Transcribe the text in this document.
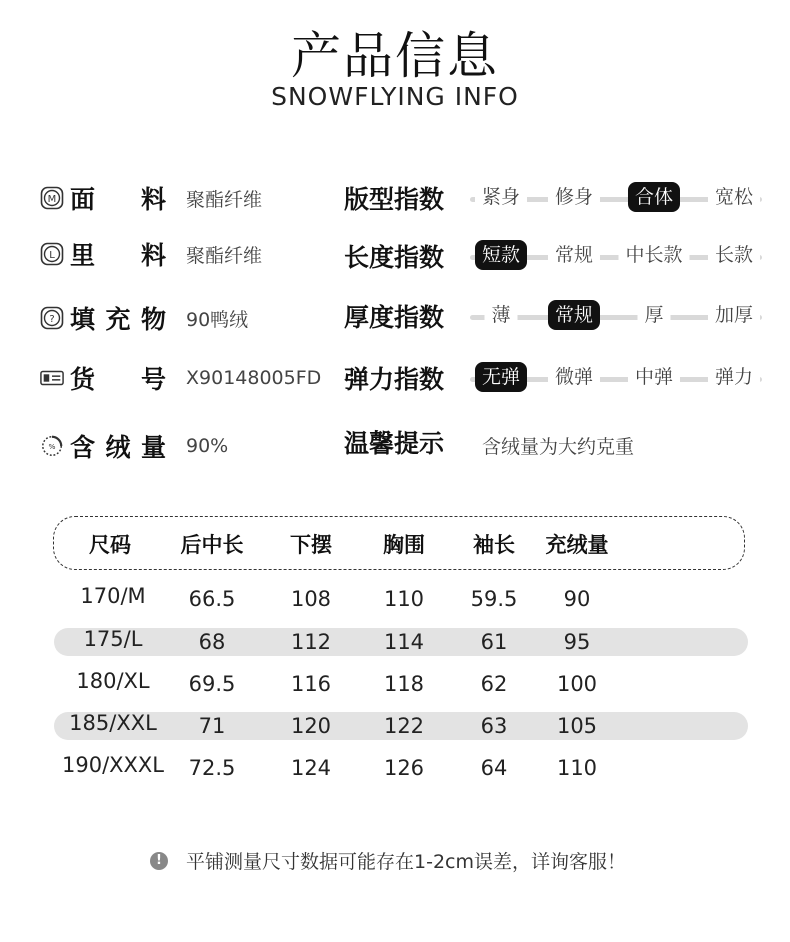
产品信息
SNOWFLYING INFO
M 面 料 聚酯纤维
L 里 料 聚酯纤维
? 填 充 物 90鸭绒
货 号 X90148005FD
% 含 绒 量 90%
版型指数	紧身	修身	合体	宽松
长度指数	短款	常规	中长款	长款
厚度指数	薄	常规	厚	加厚
弹力指数	无弹	微弹	中弹	弹力
温馨提示 含绒量为大约克重
尺码 后中长 下摆 胸围 袖长 充绒量
170/M 66.5	108	110 59.5 90
175/L	68	112	114	61	95
180/XL 69.5	116	118	62 100
185/XXL 71	120	122	63 105
190/XXXL 72.5	124	126	64 110
!	平铺测量尺寸数据可能存在1-2cm误差，详询客服！
